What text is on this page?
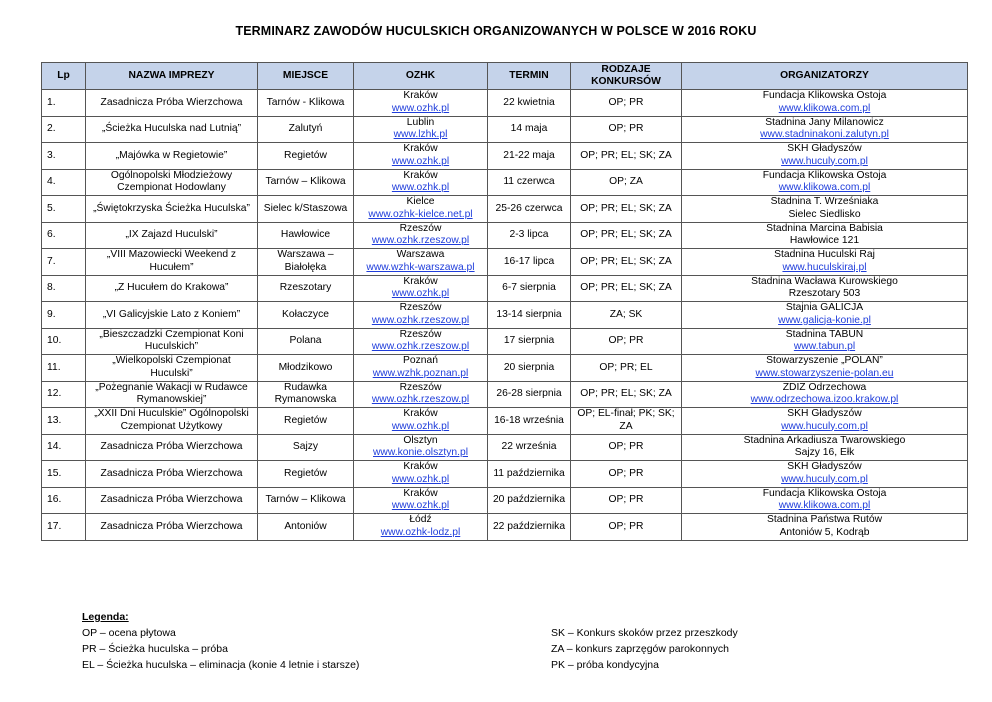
TERMINARZ ZAWODÓW HUCULSKICH ORGANIZOWANYCH W POLSCE W 2016 ROKU
Lp	NAZWA IMPREZY	MIEJSCE	OZHK	TERMIN	RODZAJE KONKURSÓW	ORGANIZATORZY
1.	Zasadnicza Próba Wierzchowa	Tarnów - Klikowa	Kraków
www.ozhk.pl	22 kwietnia	OP; PR	Fundacja Klikowska Ostoja
www.klikowa.com.pl

2.	„Ścieżka Huculska nad Lutnią”	Zalutyń	Lublin
www.lzhk.pl	14 maja	OP; PR	Stadnina Jany Milanowicz
www.stadninakoni.zalutyn.pl

3.	„Majówka w Regietowie”	Regietów	Kraków
www.ozhk.pl	21-22 maja	OP; PR; EL; SK; ZA	SKH Gładyszów
www.huculy.com.pl

4.	Ogólnopolski Młodzieżowy
Czempionat Hodowlany	Tarnów – Klikowa	Kraków
www.ozhk.pl	11 czerwca	OP; ZA	Fundacja Klikowska Ostoja
www.klikowa.com.pl

5.	„Świętokrzyska Ścieżka Huculska”	Sielec k/Staszowa	Kielce
www.ozhk-kielce.net.pl	25-26 czerwca	OP; PR; EL; SK; ZA	Stadnina T. Wrześniaka
Sielec Siedlisko

6.	„IX Zajazd Huculski”	Hawłowice	Rzeszów
www.ozhk.rzeszow.pl	2-3 lipca	OP; PR; EL; SK; ZA	Stadnina Marcina Babisia
Hawłowice 121

7.	„VIII Mazowiecki Weekend z
Hucułem”	Warszawa –
Białołęka	Warszawa
www.wzhk-warszawa.pl	16-17 lipca	OP; PR; EL; SK; ZA	Stadnina Huculski Raj
www.huculskiraj.pl

8.	„Z Hucułem do Krakowa”	Rzeszotary	Kraków
www.ozhk.pl	6-7 sierpnia	OP; PR; EL; SK; ZA	Stadnina Wacława Kurowskiego
Rzeszotary 503

9.	„VI Galicyjskie Lato z Koniem”	Kołaczyce	Rzeszów
www.ozhk.rzeszow.pl	13-14 sierpnia	ZA; SK	Stajnia GALICJA
www.galicja-konie.pl

10.	„Bieszczadzki Czempionat Koni
Huculskich”	Polana	Rzeszów
www.ozhk.rzeszow.pl	17 sierpnia	OP; PR	Stadnina TABUN
www.tabun.pl

11.	„Wielkopolski Czempionat
Huculski”	Młodzikowo	Poznań
www.wzhk.poznan.pl	20 sierpnia	OP; PR; EL	Stowarzyszenie „POLAN”
www.stowarzyszenie-polan.eu

12.	„Pożegnanie Wakacji w Rudawce
Rymanowskiej”	Rudawka
Rymanowska	Rzeszów
www.ozhk.rzeszow.pl	26-28 sierpnia	OP; PR; EL; SK; ZA	ZDIZ Odrzechowa
www.odrzechowa.izoo.krakow.pl

13.	„XXII Dni Huculskie” Ogólnopolski
Czempionat Użytkowy	Regietów	Kraków
www.ozhk.pl	16-18 września	OP; EL-finał; PK; SK;
ZA	SKH Gładyszów
www.huculy.com.pl

14.	Zasadnicza Próba Wierzchowa	Sajzy	Olsztyn
www.konie.olsztyn.pl	22 września	OP; PR	Stadnina Arkadiusza Twarowskiego
Sajzy 16, Ełk

15.	Zasadnicza Próba Wierzchowa	Regietów	Kraków
www.ozhk.pl	11 października	OP; PR	SKH Gładyszów
www.huculy.com.pl

16.	Zasadnicza Próba Wierzchowa	Tarnów – Klikowa	Kraków
www.ozhk.pl	20 października	OP; PR	Fundacja Klikowska Ostoja
www.klikowa.com.pl

17.	Zasadnicza Próba Wierzchowa	Antoniów	Łódź
www.ozhk-lodz.pl	22 października	OP; PR	Stadnina Państwa Rutów
Antoniów 5, Kodrąb
Legenda:
OP – ocena płytowa
PR – Ścieżka huculska – próba
EL – Ścieżka huculska – eliminacja (konie 4 letnie i starsze)
SK – Konkurs skoków przez przeszkody
ZA – konkurs zaprzęgów parokonnych
PK – próba kondycyjna
